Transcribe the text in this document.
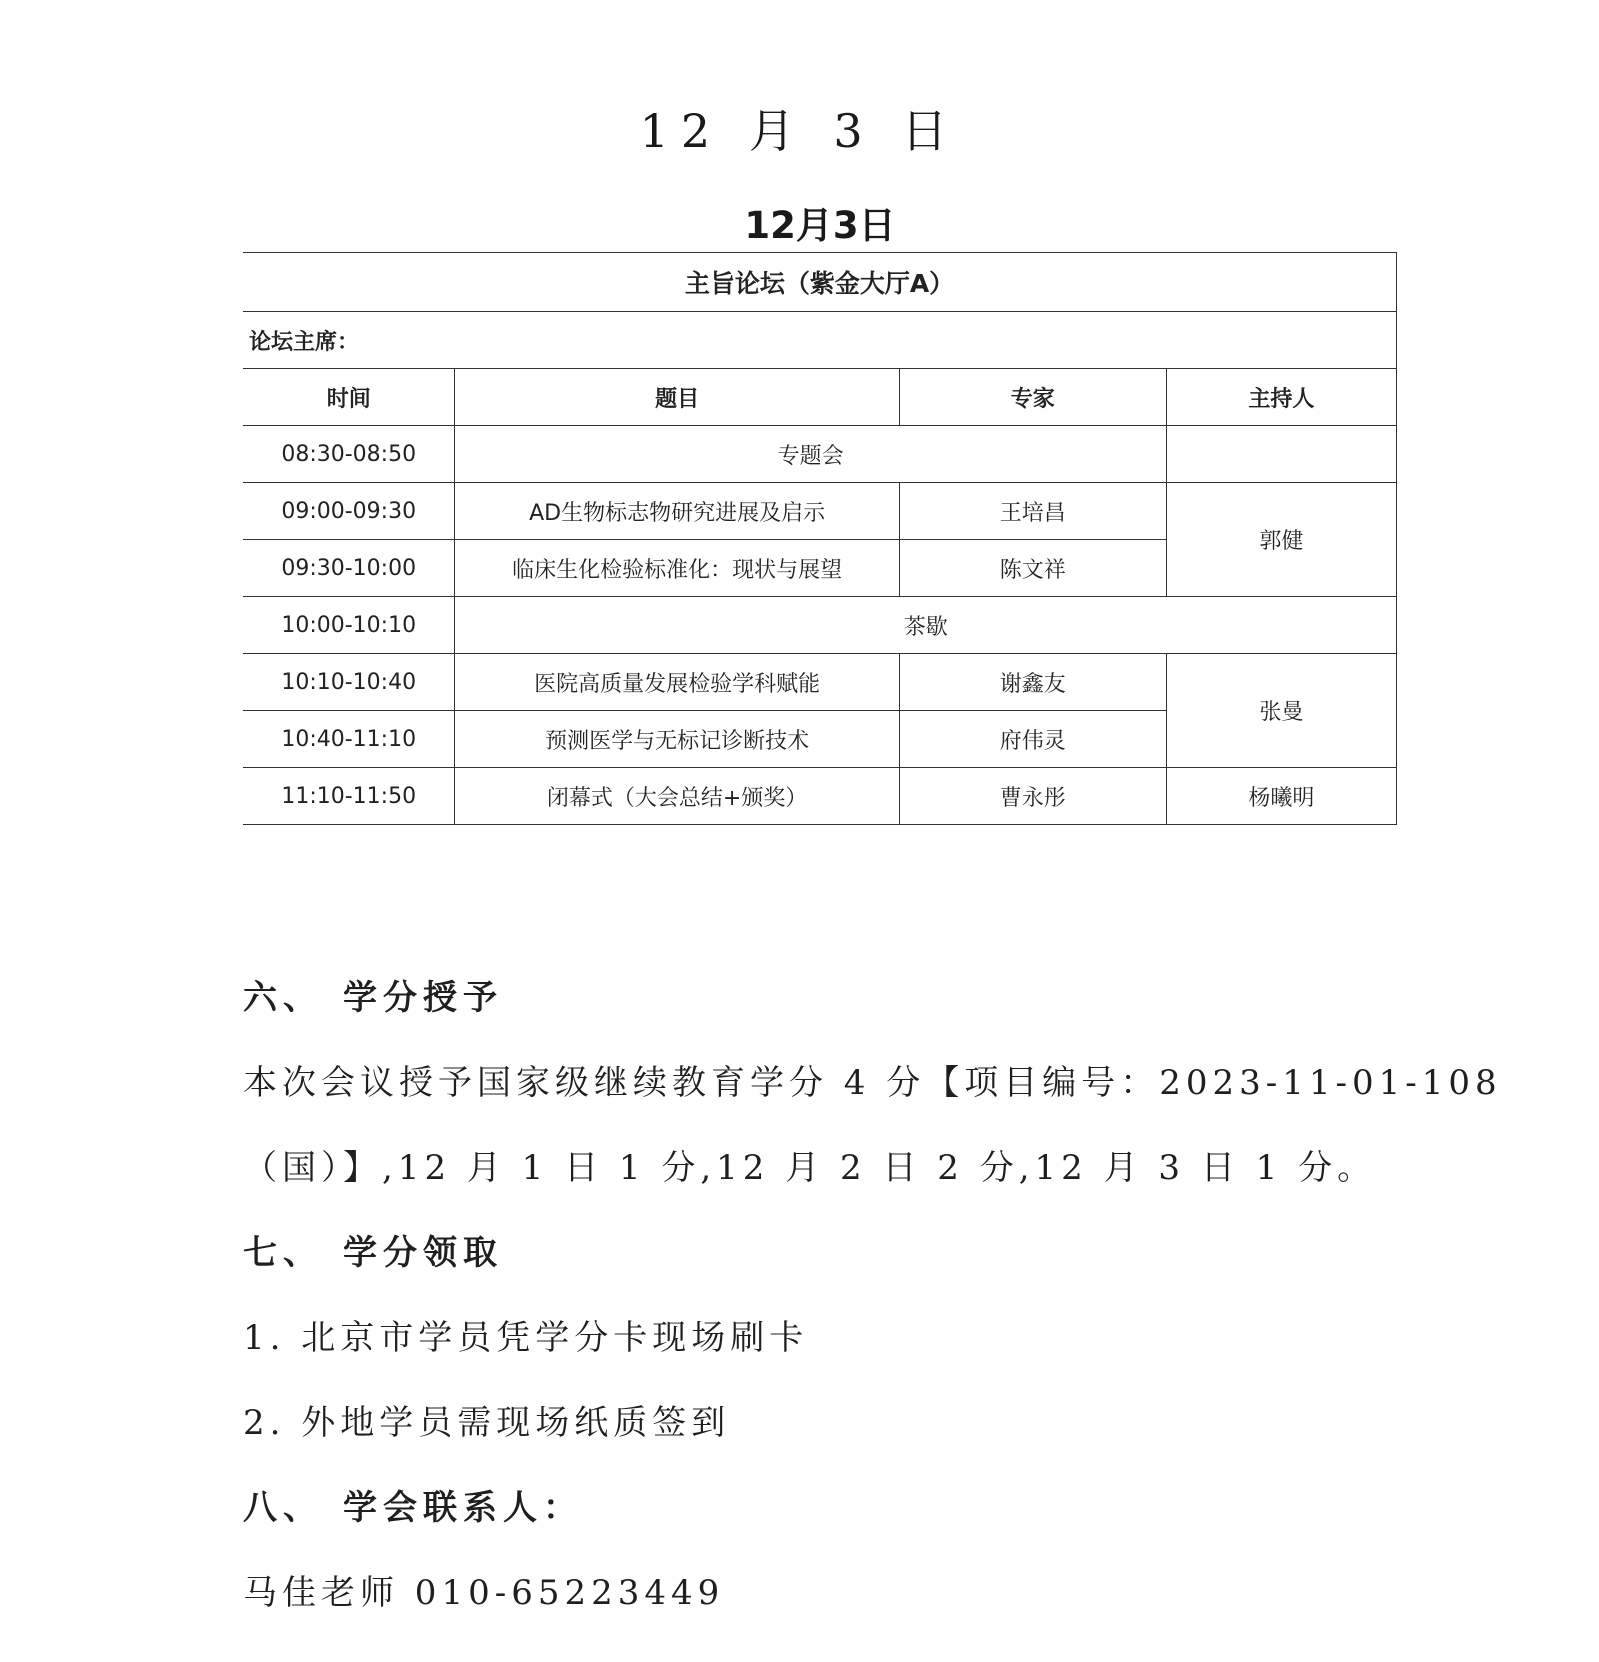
12 月 3 日
12月3日
主旨论坛（紫金大厅A）			
论坛主席：			
时间	题目	专家	主持人
08:30-08:50	专题会		
09:00-09:30	AD生物标志物研究进展及启示	王培昌	郭健
09:30-10:00	临床生化检验标准化：现状与展望	陈文祥	
10:00-10:10	茶歇		
10:10-10:40	医院高质量发展检验学科赋能	谢鑫友	张曼
10:40-11:10	预测医学与无标记诊断技术	府伟灵	
11:10-11:50	闭幕式（大会总结+颁奖）	曹永彤	杨曦明
六、 学分授予
本次会议授予国家级继续教育学分 4 分【项目编号：2023-11-01-108
（国）】,12 月 1 日 1 分,12 月 2 日 2 分,12 月 3 日 1 分。
七、 学分领取
1. 北京市学员凭学分卡现场刷卡
2. 外地学员需现场纸质签到
八、 学会联系人：
马佳老师 010-65223449
